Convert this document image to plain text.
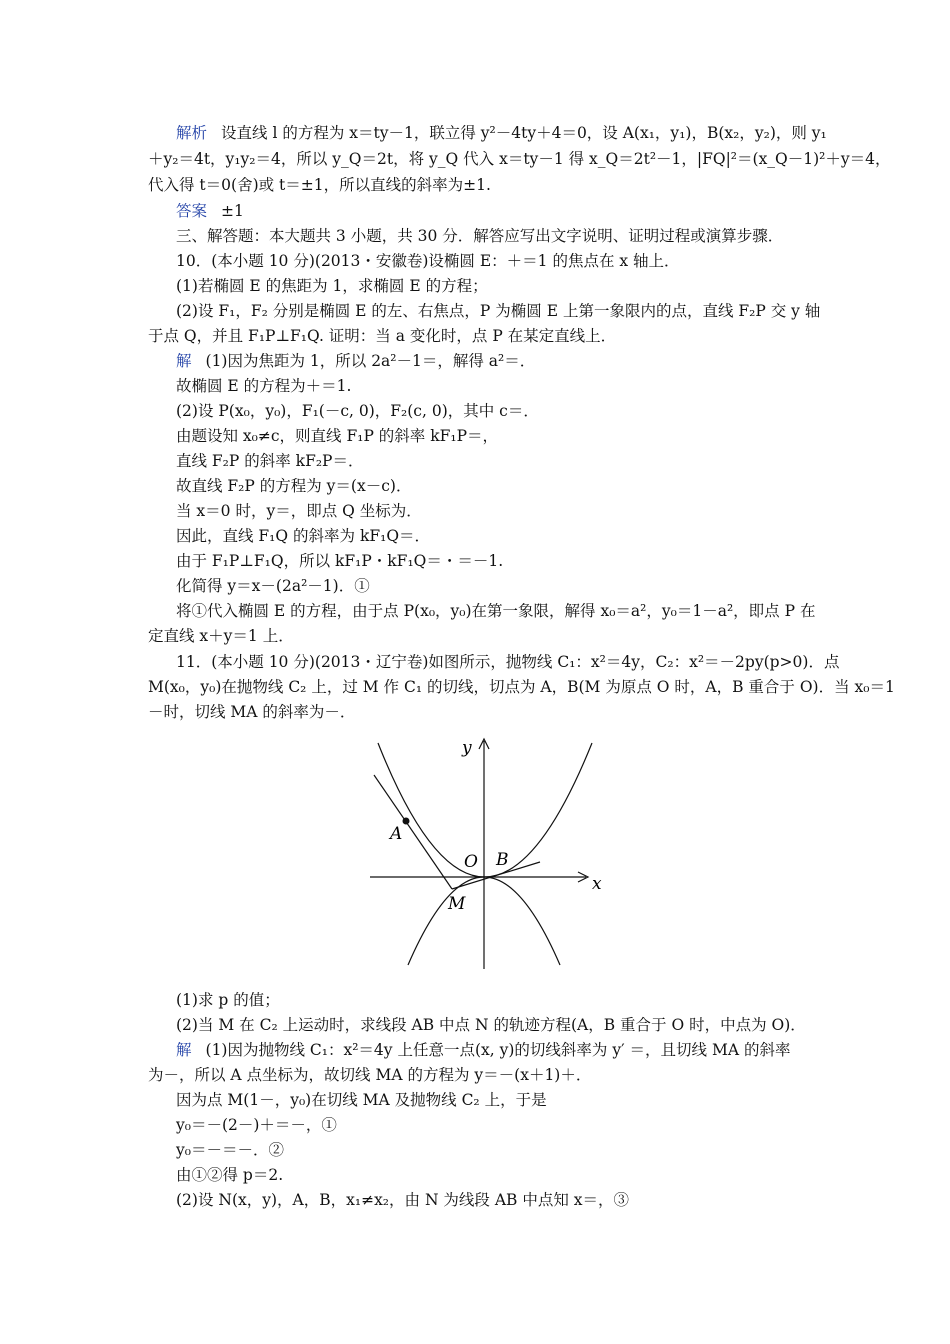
解析 设直线 l 的方程为 x＝ty－1，联立得 y²－4ty＋4＝0，设 A(x₁，y₁)，B(x₂，y₂)，则 y₁
＋y₂＝4t，y₁y₂＝4，所以 y_Q＝2t，将 y_Q 代入 x＝ty－1 得 x_Q＝2t²－1，|FQ|²＝(x_Q－1)²＋y＝4，
代入得 t＝0(舍)或 t＝±1，所以直线的斜率为±1.
答案 ±1
三、解答题：本大题共 3 小题，共 30 分．解答应写出文字说明、证明过程或演算步骤．
10．(本小题 10 分)(2013・安徽卷)设椭圆 E：＋＝1 的焦点在 x 轴上．
(1)若椭圆 E 的焦距为 1，求椭圆 E 的方程；
(2)设 F₁，F₂ 分别是椭圆 E 的左、右焦点，P 为椭圆 E 上第一象限内的点，直线 F₂P 交 y 轴
于点 Q，并且 F₁P⊥F₁Q. 证明：当 a 变化时，点 P 在某定直线上．
解 (1)因为焦距为 1，所以 2a²－1＝，解得 a²＝．
故椭圆 E 的方程为＋＝1.
(2)设 P(x₀，y₀)，F₁(－c, 0)，F₂(c, 0)，其中 c＝．
由题设知 x₀≠c，则直线 F₁P 的斜率 kF₁P＝，
直线 F₂P 的斜率 kF₂P＝．
故直线 F₂P 的方程为 y＝(x－c)．
当 x＝0 时，y＝，即点 Q 坐标为．
因此，直线 F₁Q 的斜率为 kF₁Q＝．
由于 F₁P⊥F₁Q，所以 kF₁P・kF₁Q＝・＝－1.
化简得 y＝x－(2a²－1)．①
将①代入椭圆 E 的方程，由于点 P(x₀，y₀)在第一象限，解得 x₀＝a²，y₀＝1－a²，即点 P 在
定直线 x＋y＝1 上．
11．(本小题 10 分)(2013・辽宁卷)如图所示，抛物线 C₁：x²＝4y，C₂：x²＝－2py(p>0)．点
M(x₀，y₀)在抛物线 C₂ 上，过 M 作 C₁ 的切线，切点为 A，B(M 为原点 O 时，A，B 重合于 O)．当 x₀＝1
－时，切线 MA 的斜率为－．
y
x
A
O B
M
(1)求 p 的值；
(2)当 M 在 C₂ 上运动时，求线段 AB 中点 N 的轨迹方程(A，B 重合于 O 时，中点为 O)．
解 (1)因为抛物线 C₁：x²＝4y 上任意一点(x, y)的切线斜率为 y′ ＝，且切线 MA 的斜率
为－，所以 A 点坐标为，故切线 MA 的方程为 y＝－(x＋1)＋．
因为点 M(1－，y₀)在切线 MA 及抛物线 C₂ 上，于是
y₀＝－(2－)＋＝－，①
y₀＝－＝－．②
由①②得 p＝2.
(2)设 N(x，y)，A，B，x₁≠x₂，由 N 为线段 AB 中点知 x＝，③
